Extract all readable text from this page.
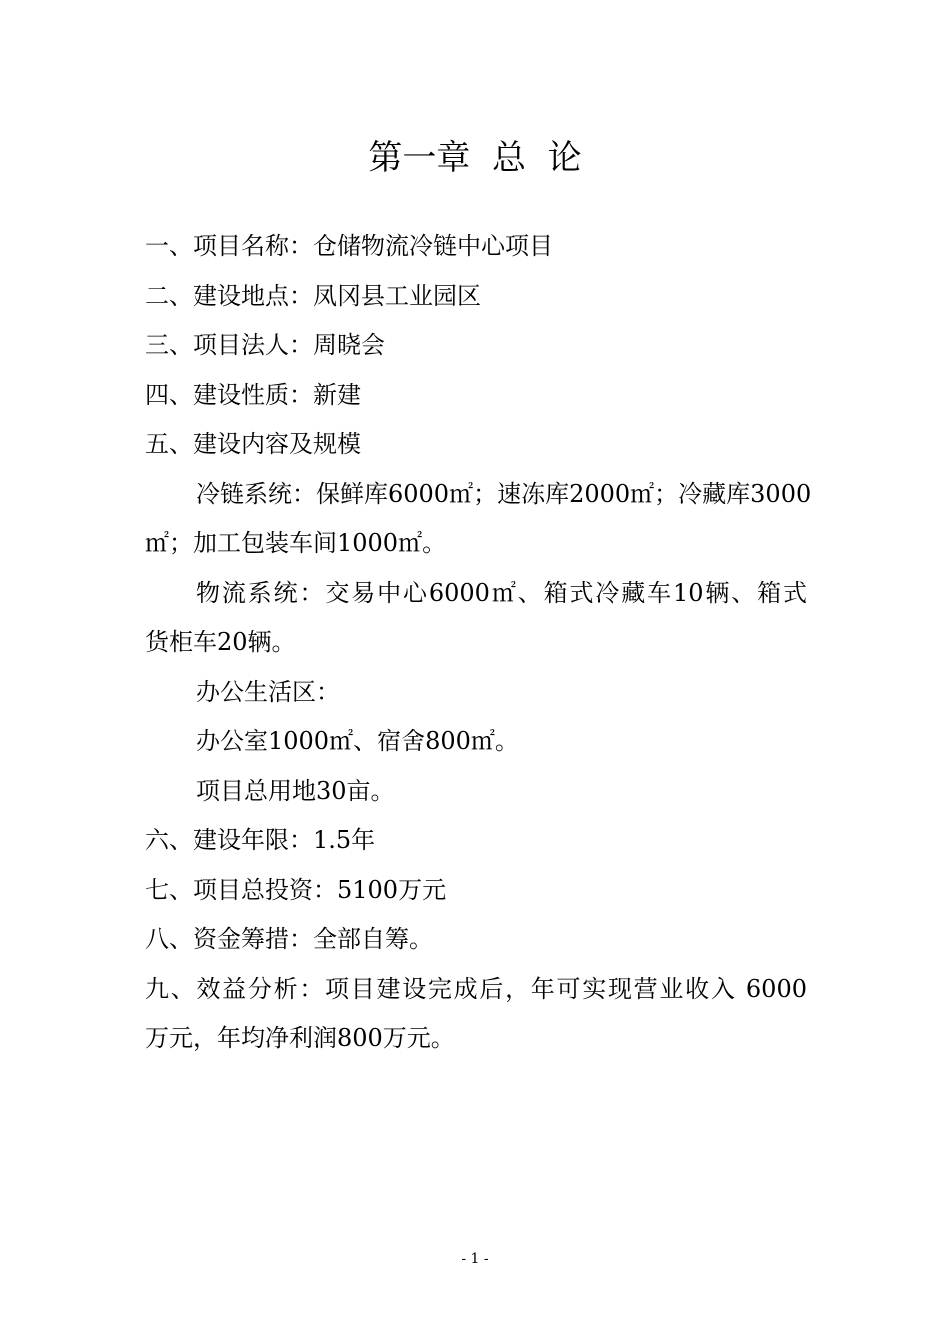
第一章  总  论
一、项目名称：仓储物流冷链中心项目
二、建设地点：凤冈县工业园区
三、项目法人：周晓会
四、建设性质：新建
五、建设内容及规模
冷链系统：保鲜库6000㎡；速冻库2000㎡；冷藏库3000
㎡；加工包装车间1000㎡。
物流系统：交易中心6000㎡、箱式冷藏车10辆、箱式
货柜车20辆。
办公生活区：
办公室1000㎡、宿舍800㎡。
项目总用地30亩。
六、建设年限：1.5年
七、项目总投资：5100万元
八、资金筹措：全部自筹。
九、效益分析：项目建设完成后，年可实现营业收入 6000
万元，年均净利润800万元。
- 1 -
